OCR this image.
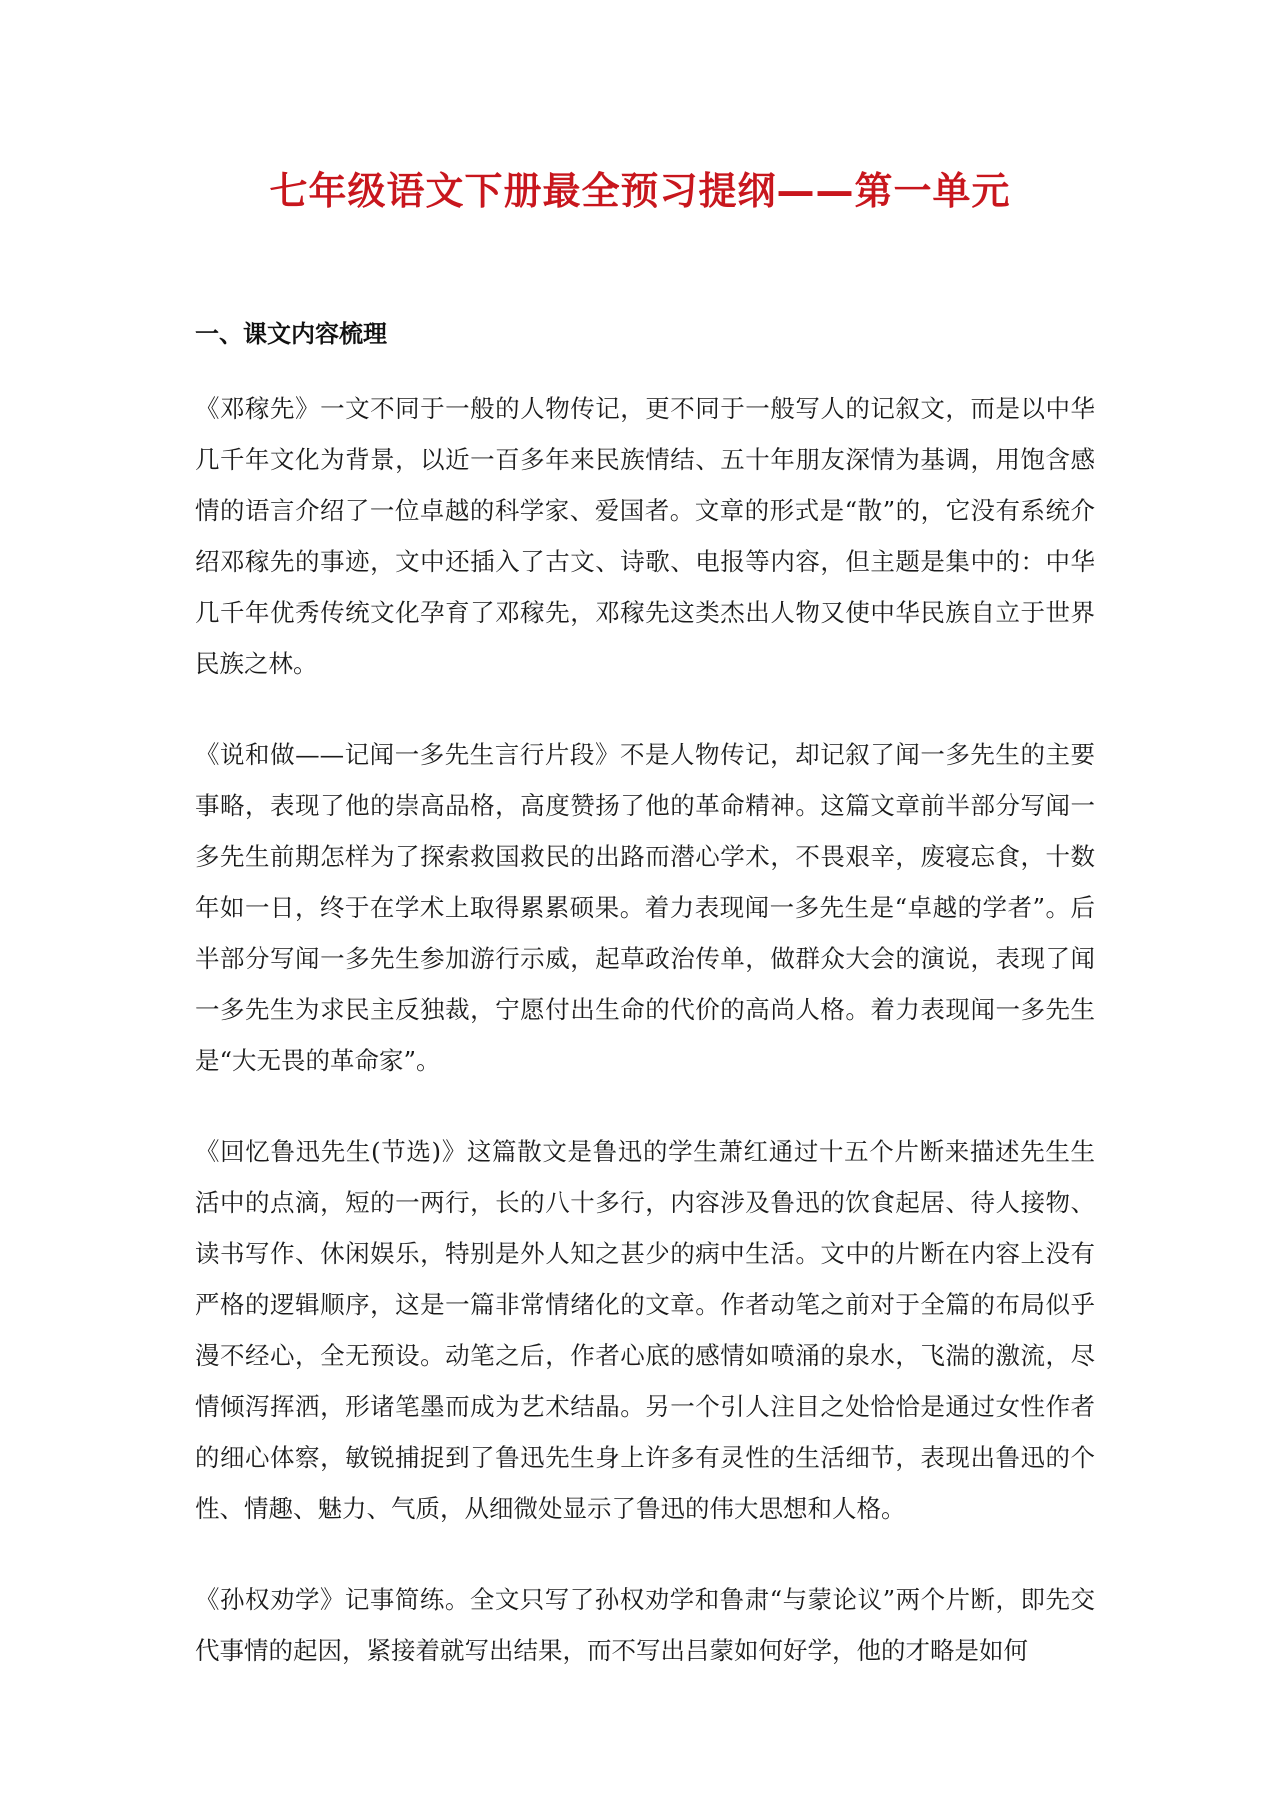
七年级语文下册最全预习提纲——第一单元
一、课文内容梳理

《邓稼先》一文不同于一般的人物传记，更不同于一般写人的记叙文，而是以中华几千年文化为背景，以近一百多年来民族情结、五十年朋友深情为基调，用饱含感情的语言介绍了一位卓越的科学家、爱国者。文章的形式是“散”的，它没有系统介绍邓稼先的事迹，文中还插入了古文、诗歌、电报等内容，但主题是集中的：中华几千年优秀传统文化孕育了邓稼先，邓稼先这类杰出人物又使中华民族自立于世界民族之林。

《说和做——记闻一多先生言行片段》不是人物传记，却记叙了闻一多先生的主要事略，表现了他的崇高品格，高度赞扬了他的革命精神。这篇文章前半部分写闻一多先生前期怎样为了探索救国救民的出路而潜心学术，不畏艰辛，废寝忘食，十数年如一日，终于在学术上取得累累硕果。着力表现闻一多先生是“卓越的学者”。后半部分写闻一多先生参加游行示威，起草政治传单，做群众大会的演说，表现了闻一多先生为求民主反独裁，宁愿付出生命的代价的高尚人格。着力表现闻一多先生是“大无畏的革命家”。

《回忆鲁迅先生(节选)》这篇散文是鲁迅的学生萧红通过十五个片断来描述先生生活中的点滴，短的一两行，长的八十多行，内容涉及鲁迅的饮食起居、待人接物、读书写作、休闲娱乐，特别是外人知之甚少的病中生活。文中的片断在内容上没有严格的逻辑顺序，这是一篇非常情绪化的文章。作者动笔之前对于全篇的布局似乎漫不经心，全无预设。动笔之后，作者心底的感情如喷涌的泉水，飞湍的激流，尽情倾泻挥洒，形诸笔墨而成为艺术结晶。另一个引人注目之处恰恰是通过女性作者的细心体察，敏锐捕捉到了鲁迅先生身上许多有灵性的生活细节，表现出鲁迅的个性、情趣、魅力、气质，从细微处显示了鲁迅的伟大思想和人格。

《孙权劝学》记事简练。全文只写了孙权劝学和鲁肃“与蒙论议”两个片断，即先交代事情的起因，紧接着就写出结果，而不写出吕蒙如何好学，他的才略是如何
